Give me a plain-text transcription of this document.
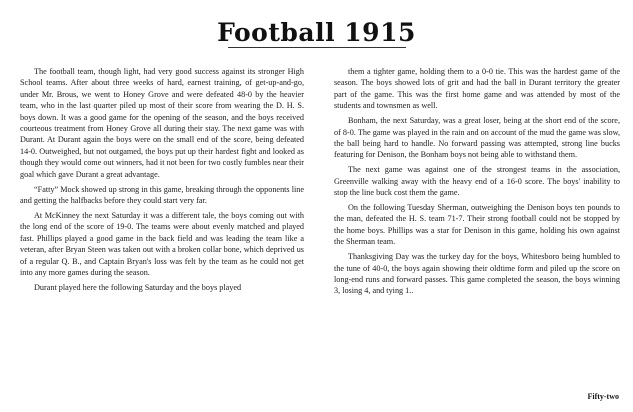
Football 1915

The football team, though light, had very good success against its stronger High School teams. After about three weeks of hard, earnest training, of get-up-and-go, under Mr. Brous, we went to Honey Grove and were defeated 48-0 by the heavier team, who in the last quarter piled up most of their score from wearing the D. H. S. boys down. It was a good game for the opening of the season, and the boys received courteous treatment from Honey Grove all during their stay. The next game was with Durant. At Durant again the boys were on the small end of the score, being defeated 14-0. Outweighed, but not outgamed, the boys put up their hardest fight and looked as though they would come out winners, had it not been for two costly fumbles near their goal which gave Durant a great advantage.

“Fatty” Mock showed up strong in this game, breaking through the opponents line and getting the halfbacks before they could start very far.

At McKinney the next Saturday it was a different tale, the boys coming out with the long end of the score of 19-0. The teams were about evenly matched and played fast. Phillips played a good game in the back field and was leading the team like a veteran, after Bryan Steen was taken out with a broken collar bone, which deprived us of a regular Q. B., and Captain Bryan's loss was felt by the team as he could not get into any more games during the season.

Durant played here the following Saturday and the boys played

them a tighter game, holding them to a 0-0 tie. This was the hardest game of the season. The boys showed lots of grit and had the ball in Durant territory the greater part of the game. This was the first home game and was attended by most of the students and townsmen as well.

Bonham, the next Saturday, was a great loser, being at the short end of the score, of 8-0. The game was played in the rain and on account of the mud the game was slow, the ball being hard to handle. No forward passing was attempted, strong line bucks featuring for Denison, the Bonham boys not being able to withstand them.

The next game was against one of the strongest teams in the association, Greenville walking away with the heavy end of a 16-0 score. The boys' inability to stop the line buck cost them the game.

On the following Tuesday Sherman, outweighing the Denison boys ten pounds to the man, defeated the H. S. team 71-7. Their strong football could not be stopped by the home boys. Phillips was a star for Denison in this game, holding his own against the Sherman team.

Thanksgiving Day was the turkey day for the boys, Whitesboro being humbled to the tune of 40-0, the boys again showing their oldtime form and piled up the score on long-end runs and forward passes. This game completed the season, the boys winning 3, losing 4, and tying 1..

Fifty-two
